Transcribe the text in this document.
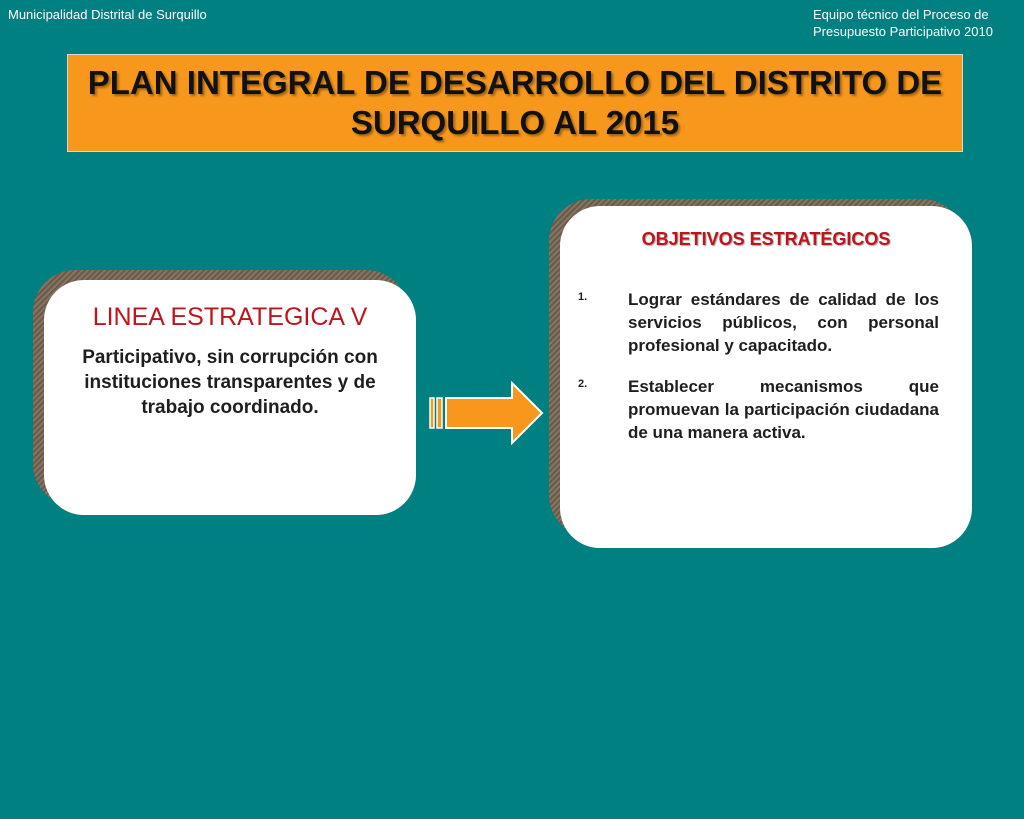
Municipalidad Distrital de Surquillo	Equipo técnico del Proceso de Presupuesto Participativo 2010
PLAN INTEGRAL DE DESARROLLO DEL DISTRITO DE SURQUILLO AL 2015
LINEA ESTRATEGICA V
Participativo, sin corrupción con instituciones transparentes y de trabajo coordinado.
OBJETIVOS ESTRATÉGICOS
1. Lograr estándares de calidad de los servicios públicos, con personal profesional y capacitado.
2. Establecer mecanismos que promuevan la participación ciudadana de una manera activa.
